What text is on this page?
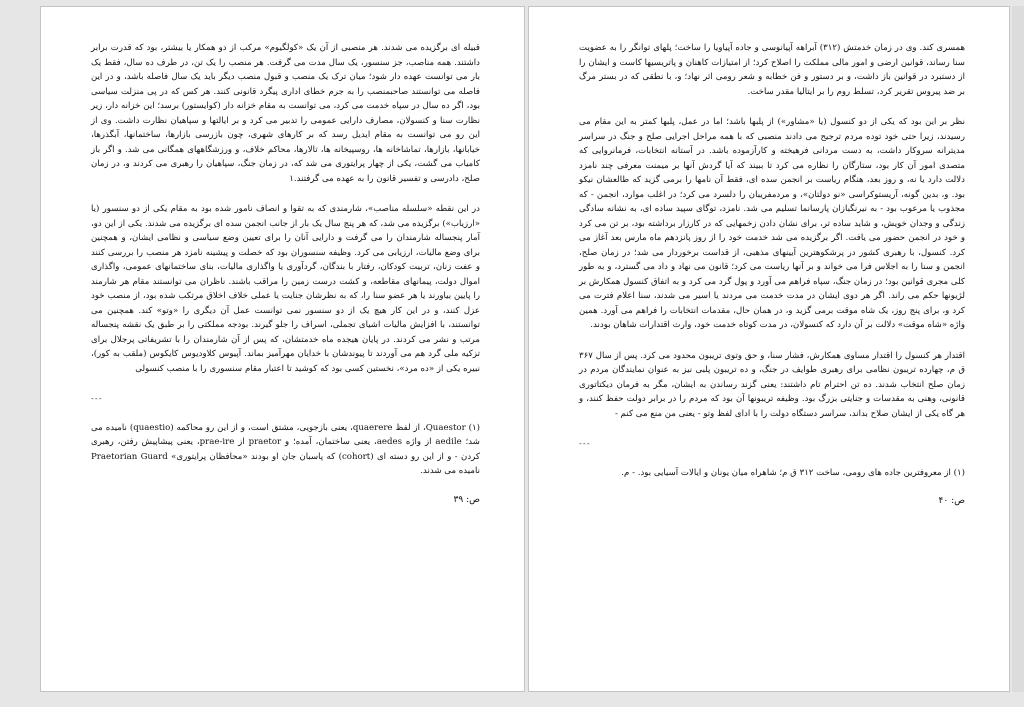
قبیله ای برگزیده می شدند. هر منصبی از آن یک «کولگیوم» مرکب از دو همکار یا بیشتر، بود که قدرت برابر داشتند. همه مناصب، جز سنسور، یک سال مدت می گرفت. هر منصب را یک تن، در طرف ده سال، فقط یک بار می توانست عهده دار شود؛ میان ترک یک منصب و قبول منصب دیگر باید یک سال فاصله باشد، و در این فاصله می توانستند صاحبمنصب را به جرم خطای اداری پیگرد قانونی کنند. هر کس که در پی منزلت سیاسی بود، اگر ده سال در سپاه خدمت می کرد، می توانست به مقام خزانه دار (کوایستور) برسد؛ این خزانه دار، زیر نظارت سنا و کنسولان، مصارف دارایی عمومی را تدبیر می کرد و بر ایالتها و سپاهیان نظارت داشت. وی از این رو می توانست به مقام ایدیل رسد که بر کارهای شهری، چون بازرسی بازارها، ساختمانها، آبگذرها، خیابانها، بازارها، تماشاخانه ها، روسپیخانه ها، تالارها، محاکم خلاف، و ورزشگاههای همگانی می شد. و اگر باز کامیاب می گشت، یکی از چهار پرایتوری می شد که، در زمان جنگ، سپاهیان را رهبری می کردند و، در زمان صلح، دادرسی و تفسیر قانون را به عهده می گرفتند.۱

در این نقطه «سلسله مناصب»، شارمندی که به تقوا و انصاف نامور شده بود به مقام یکی از دو سنسور (یا «ارزیاب») برگزیده می شد، که هر پنج سال یک بار از جانب انجمن سده ای برگزیده می شدند. یکی از این دو، آمار پنجساله شارمندان را می گرفت و دارایی آنان را برای تعیین وضع سیاسی و نظامی ایشان، و همچنین برای وضع مالیات، ارزیابی می کرد. وظیفه سنسوران بود که خصلت و پیشینه نامزد هر منصب را بررسی کنند و عفت زنان، تربیت کودکان، رفتار با بندگان، گردآوری یا واگذاری مالیات، بنای ساختمانهای عمومی، واگذاری اموال دولت، پیمانهای مقاطعه، و کشت درست زمین را مراقب باشند. ناظران می توانستند مقام هر شارمند را پایین بیاورند یا هر عضو سنا را، که به نظرشان جنایت یا عملی خلاف اخلاق مرتکب شده بود، از منصب خود عزل کنند، و در این کار هیچ یک از دو سنسور نمی توانست عمل آن دیگری را «وتو» کند. همچنین می توانستند، با افزایش مالیات اشیای تجملی، اسراف را جلو گیرند. بودجه مملکتی را بر طبق یک نقشه پنجساله مرتب و نشر می کردند. در پایان هیجده ماه خدمتشان، که پس از آن شارمندان را با تشریفاتی پرجلال برای تزکیه ملی گرد هم می آوردند تا پیوندشان با خدایان مهرآمیز بماند. آپیوس کلاودیوس کایکوس (ملقب به کور)، نبیره یکی از «ده مرد»، نخستین کسی بود که کوشید تا اعتبار مقام سنسوری را با منصب کنسولی

---

(۱) Quaestor، از لفظ quaerere، یعنی بازجویی، مشتق است، و از این رو محاکمه (quaestio) نامیده می شد؛ aedile از واژه aedes، یعنی ساختمان، آمده؛ و praetor از prae-ire، یعنی پیشاپیش رفتن، رهبری کردن - و از این رو دسته ای (cohort) که پاسبان جان او بودند «محافظان پرایتوری» Praetorian Guard نامیده می شدند.

ص: ۳۹

همسری کند. وی در زمان خدمتش (۳۱۲) آبراهه آپیانوسی و جاده آپیاویا را ساخت؛ پلهای توانگر را به عضویت سنا رساند، قوانین ارضی و امور مالی مملکت را اصلاح کرد؛ از امتیازات کاهنان و پاتریسیها کاست و ایشان را از دستبرد در قوانین باز داشت، و بر دستور و فن خطابه و شعر رومی اثر نهاد؛ و، با نطقی که در بستر مرگ بر ضد پیروس تقریر کرد، تسلط روم را بر ایتالیا مقدر ساخت.

نظر بر این بود که یکی از دو کنسول (یا «مشاور») از پلبها باشد؛ اما در عمل، پلبها کمتر به این مقام می رسیدند، زیرا حتی خود توده مردم ترجیح می دادند منصبی که با همه مراحل اجرایی صلح و جنگ در سراسر مدیترانه سروکار داشت، به دست مردانی فرهیخته و کارآزموده باشد. در آستانه انتخابات، فرمانروایی که متصدی امور آن کار بود، ستارگان را نظاره می کرد تا ببیند که آیا گردش آنها بر میمنت معرفی چند نامزد دلالت دارد یا نه، و روز بعد، هنگام ریاست بر انجمن سده ای، فقط آن نامها را برمی گزید که طالعشان نیکو بود. و، بدین گونه، آریستوکراسی «نو دولتان»، و مردمفریبان را دلسرد می کرد؛ در اغلب موارد، انجمن - که مجذوب یا مرعوب بود - به نیرنگبازان پارسانما تسلیم می شد. نامزد، توگای سپید ساده ای، به نشانه سادگی زندگی و وجدان خویش، و شاید ساده تر، برای نشان دادن زخمهایی که در کارزار برداشته بود، بر تن می کرد و خود در انجمن حضور می یافت. اگر برگزیده می شد خدمت خود را از روز پانزدهم ماه مارس بعد آغاز می کرد. کنسول، با رهبری کشور در پرشکوهترین آیینهای مذهبی، از قداست برخوردار می شد؛ در زمان صلح، انجمن و سنا را به اجلاس فرا می خواند و بر آنها ریاست می کرد؛ قانون می نهاد و داد می گسترد، و به طور کلی مجری قوانین بود؛ در زمان جنگ، سپاه فراهم می آورد و پول گرد می کرد و به اتفاق کنسول همکارش بر لژیونها حکم می راند. اگر هر دوی ایشان در مدت خدمت می مردند یا اسیر می شدند، سنا اعلام فترت می کرد و، برای پنج روز، یک شاه موقت برمی گزید و، در همان حال، مقدمات انتخابات را فراهم می آورد. همین واژه «شاه موقت» دلالت بر آن دارد که کنسولان، در مدت کوتاه خدمت خود، وارث اقتدارات شاهان بودند.

اقتدار هر کنسول را اقتدار مساوی همکارش، فشار سنا، و حق وتوی تریبون محدود می کرد. پس از سال ۳۶۷ ق م، چهارده تریبون نظامی برای رهبری طوایف در جنگ، و ده تریبون پلبی نیز به عنوان نمایندگان مردم در زمان صلح انتخاب شدند. ده تن احترام تام داشتند: یعنی گزند رساندن به ایشان، مگر به فرمان دیکتاتوری قانونی، وهنی به مقدسات و جنایتی بزرگ بود. وظیفه تریبونها آن بود که مردم را در برابر دولت حفظ کنند، و هر گاه یکی از ایشان صلاح بداند، سراسر دستگاه دولت را با ادای لفظ وتو - یعنی من منع می کنم -

---

(۱) از معروفترین جاده های رومی، ساخت ۳۱۲ ق م؛ شاهراه میان یونان و ایالات آسیایی بود. - م.

ص: ۴۰
